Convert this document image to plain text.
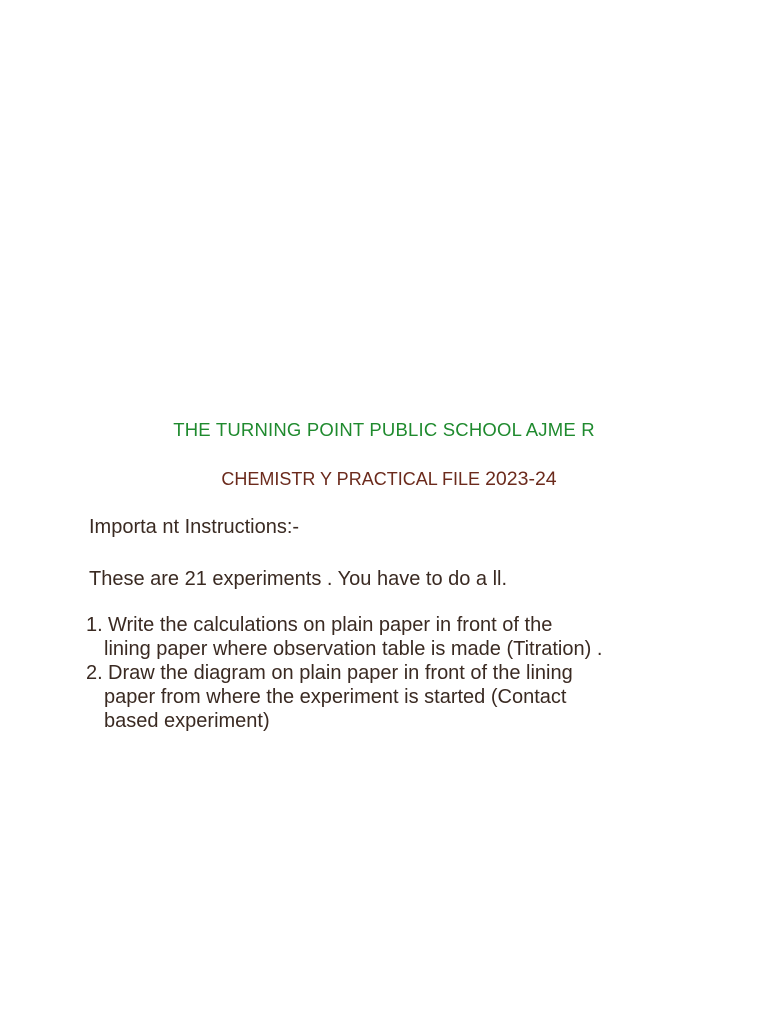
THE TURNING POINT PUBLIC SCHOOL AJME R
CHEMISTR Y PRACTICAL FILE 2023-24
Importa nt Instructions:-
These are 21 experiments . You have to do a ll.
1. Write the calculations on plain paper in front of the
lining paper where observation table is made (Titration) .
2. Draw the diagram on plain paper in front of the lining
paper from where the experiment is started (Contact
based experiment)
